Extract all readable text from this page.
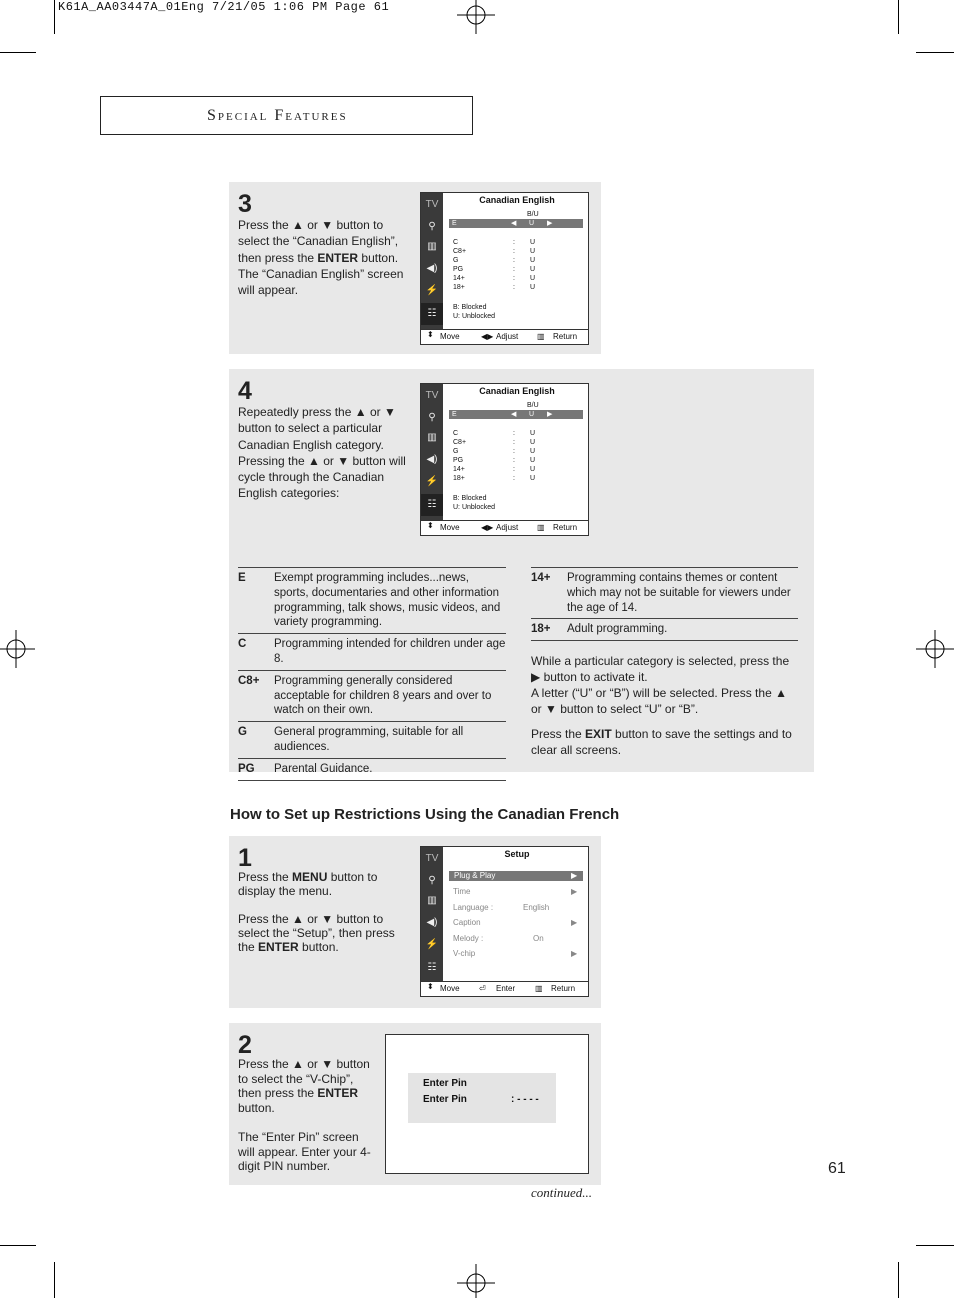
K61A_AA03447A_01Eng 7/21/05 1:06 PM Page 61
Special Features
3
Press the ▲ or ▼ button to select the “Canadian English”, then press the ENTER button. The “Canadian English” screen will appear.
TV
⚲
▥
◀)
⚡
☷
Canadian English
B/U
E	◀ U ▶
C	: U
C8+	: U
G	: U
PG	: U
14+	: U
18+	: U
B: Blocked
U: Unblocked
⬍ Move	◀▶ Adjust ▥ Return
4
Repeatedly press the ▲ or ▼ button to select a particular Canadian English category. Pressing the ▲ or ▼ button will cycle through the Canadian English categories:
TV
⚲
▥
◀)
⚡
☷
Canadian English
B/U
E	◀ U ▶
C	: U
C8+	: U
G	: U
PG	: U
14+	: U
18+	: U
B: Blocked
U: Unblocked
⬍ Move	◀▶ Adjust ▥ Return
E	Exempt programming includes...news, sports, documentaries and other information programming, talk shows, music videos, and variety programming.
C	Programming intended for children under age 8.
C8+	Programming generally considered acceptable for children 8 years and over to watch on their own.
G	General programming, suitable for all audiences.
PG	Parental Guidance.
14+	Programming contains themes or content which may not be suitable for viewers under the age of 14.
18+	Adult programming.
While a particular category is selected, press the ▶ button to activate it.
A letter (“U” or “B”) will be selected. Press the ▲ or ▼ button to select “U” or “B”.
Press the EXIT button to save the settings and to clear all screens.
How to Set up Restrictions Using the Canadian French
1
Press the MENU button to display the menu.

Press the ▲ or ▼ button to select the “Setup”, then press the ENTER button.
TV
⚲
▥
◀)
⚡
☷
Setup
Plug & Play	▶
Time	▶
Language :	English
Caption	▶
Melody :	On
V-chip	▶
⬍ Move ⏎ Enter ▥ Return
2
Press the ▲ or ▼ button to select the “V-Chip”, then press the ENTER button.

The “Enter Pin” screen will appear. Enter your 4-digit PIN number.
Enter Pin
Enter Pin	: - - - -
61
continued...
